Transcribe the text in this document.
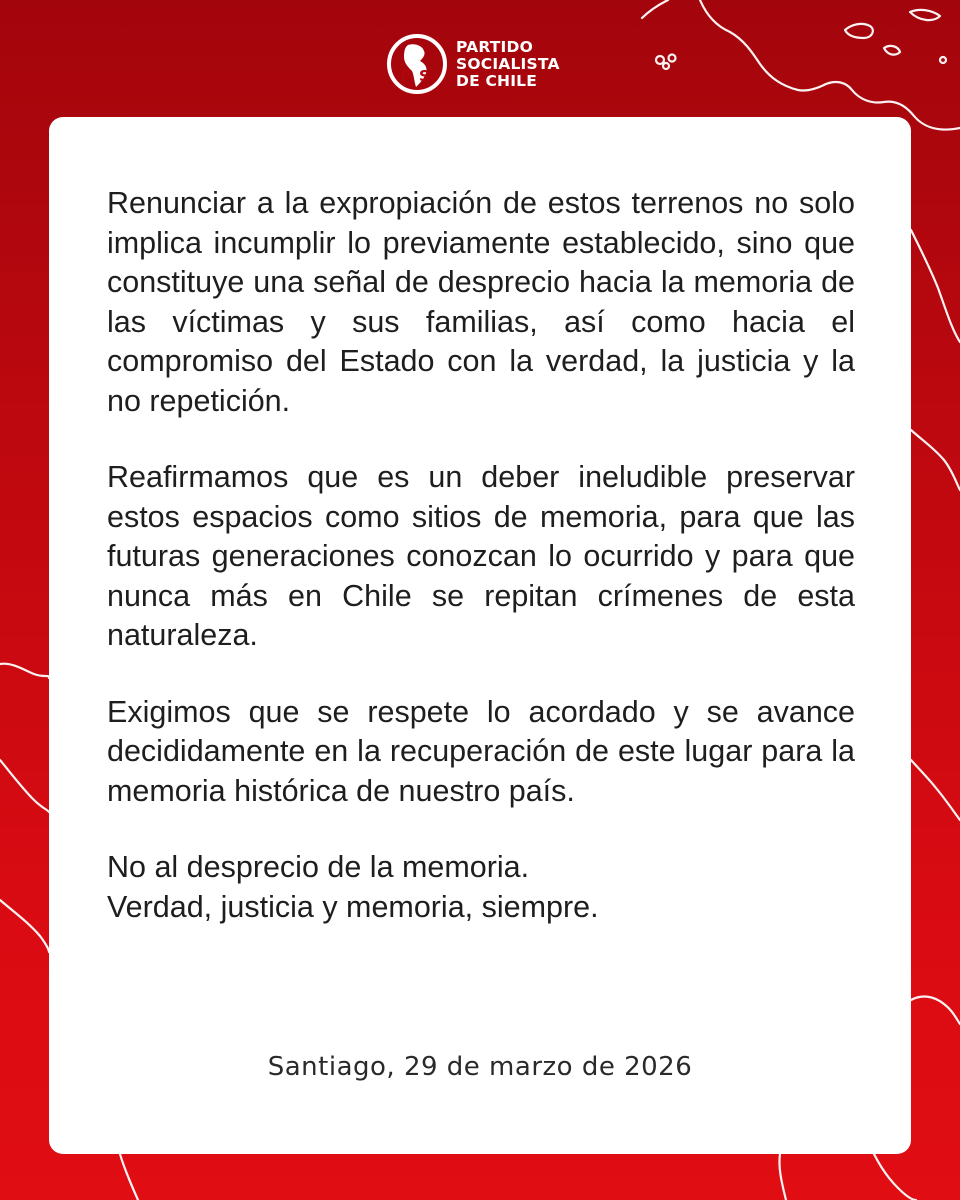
P S
PARTIDO
SOCIALISTA
DE CHILE

Renunciar a la expropiación de estos terrenos no solo implica incumplir lo previamente establecido, sino que constituye una señal de desprecio hacia la memoria de las víctimas y sus familias, así como hacia el compromiso del Estado con la verdad, la justicia y la no repetición.

Reafirmamos que es un deber ineludible preservar estos espacios como sitios de memoria, para que las futuras generaciones conozcan lo ocurrido y para que nunca más en Chile se repitan crímenes de esta naturaleza.

Exigimos que se respete lo acordado y se avance decididamente en la recuperación de este lugar para la memoria histórica de nuestro país.

No al desprecio de la memoria.
Verdad, justicia y memoria, siempre.

Santiago, 29 de marzo de 2026
